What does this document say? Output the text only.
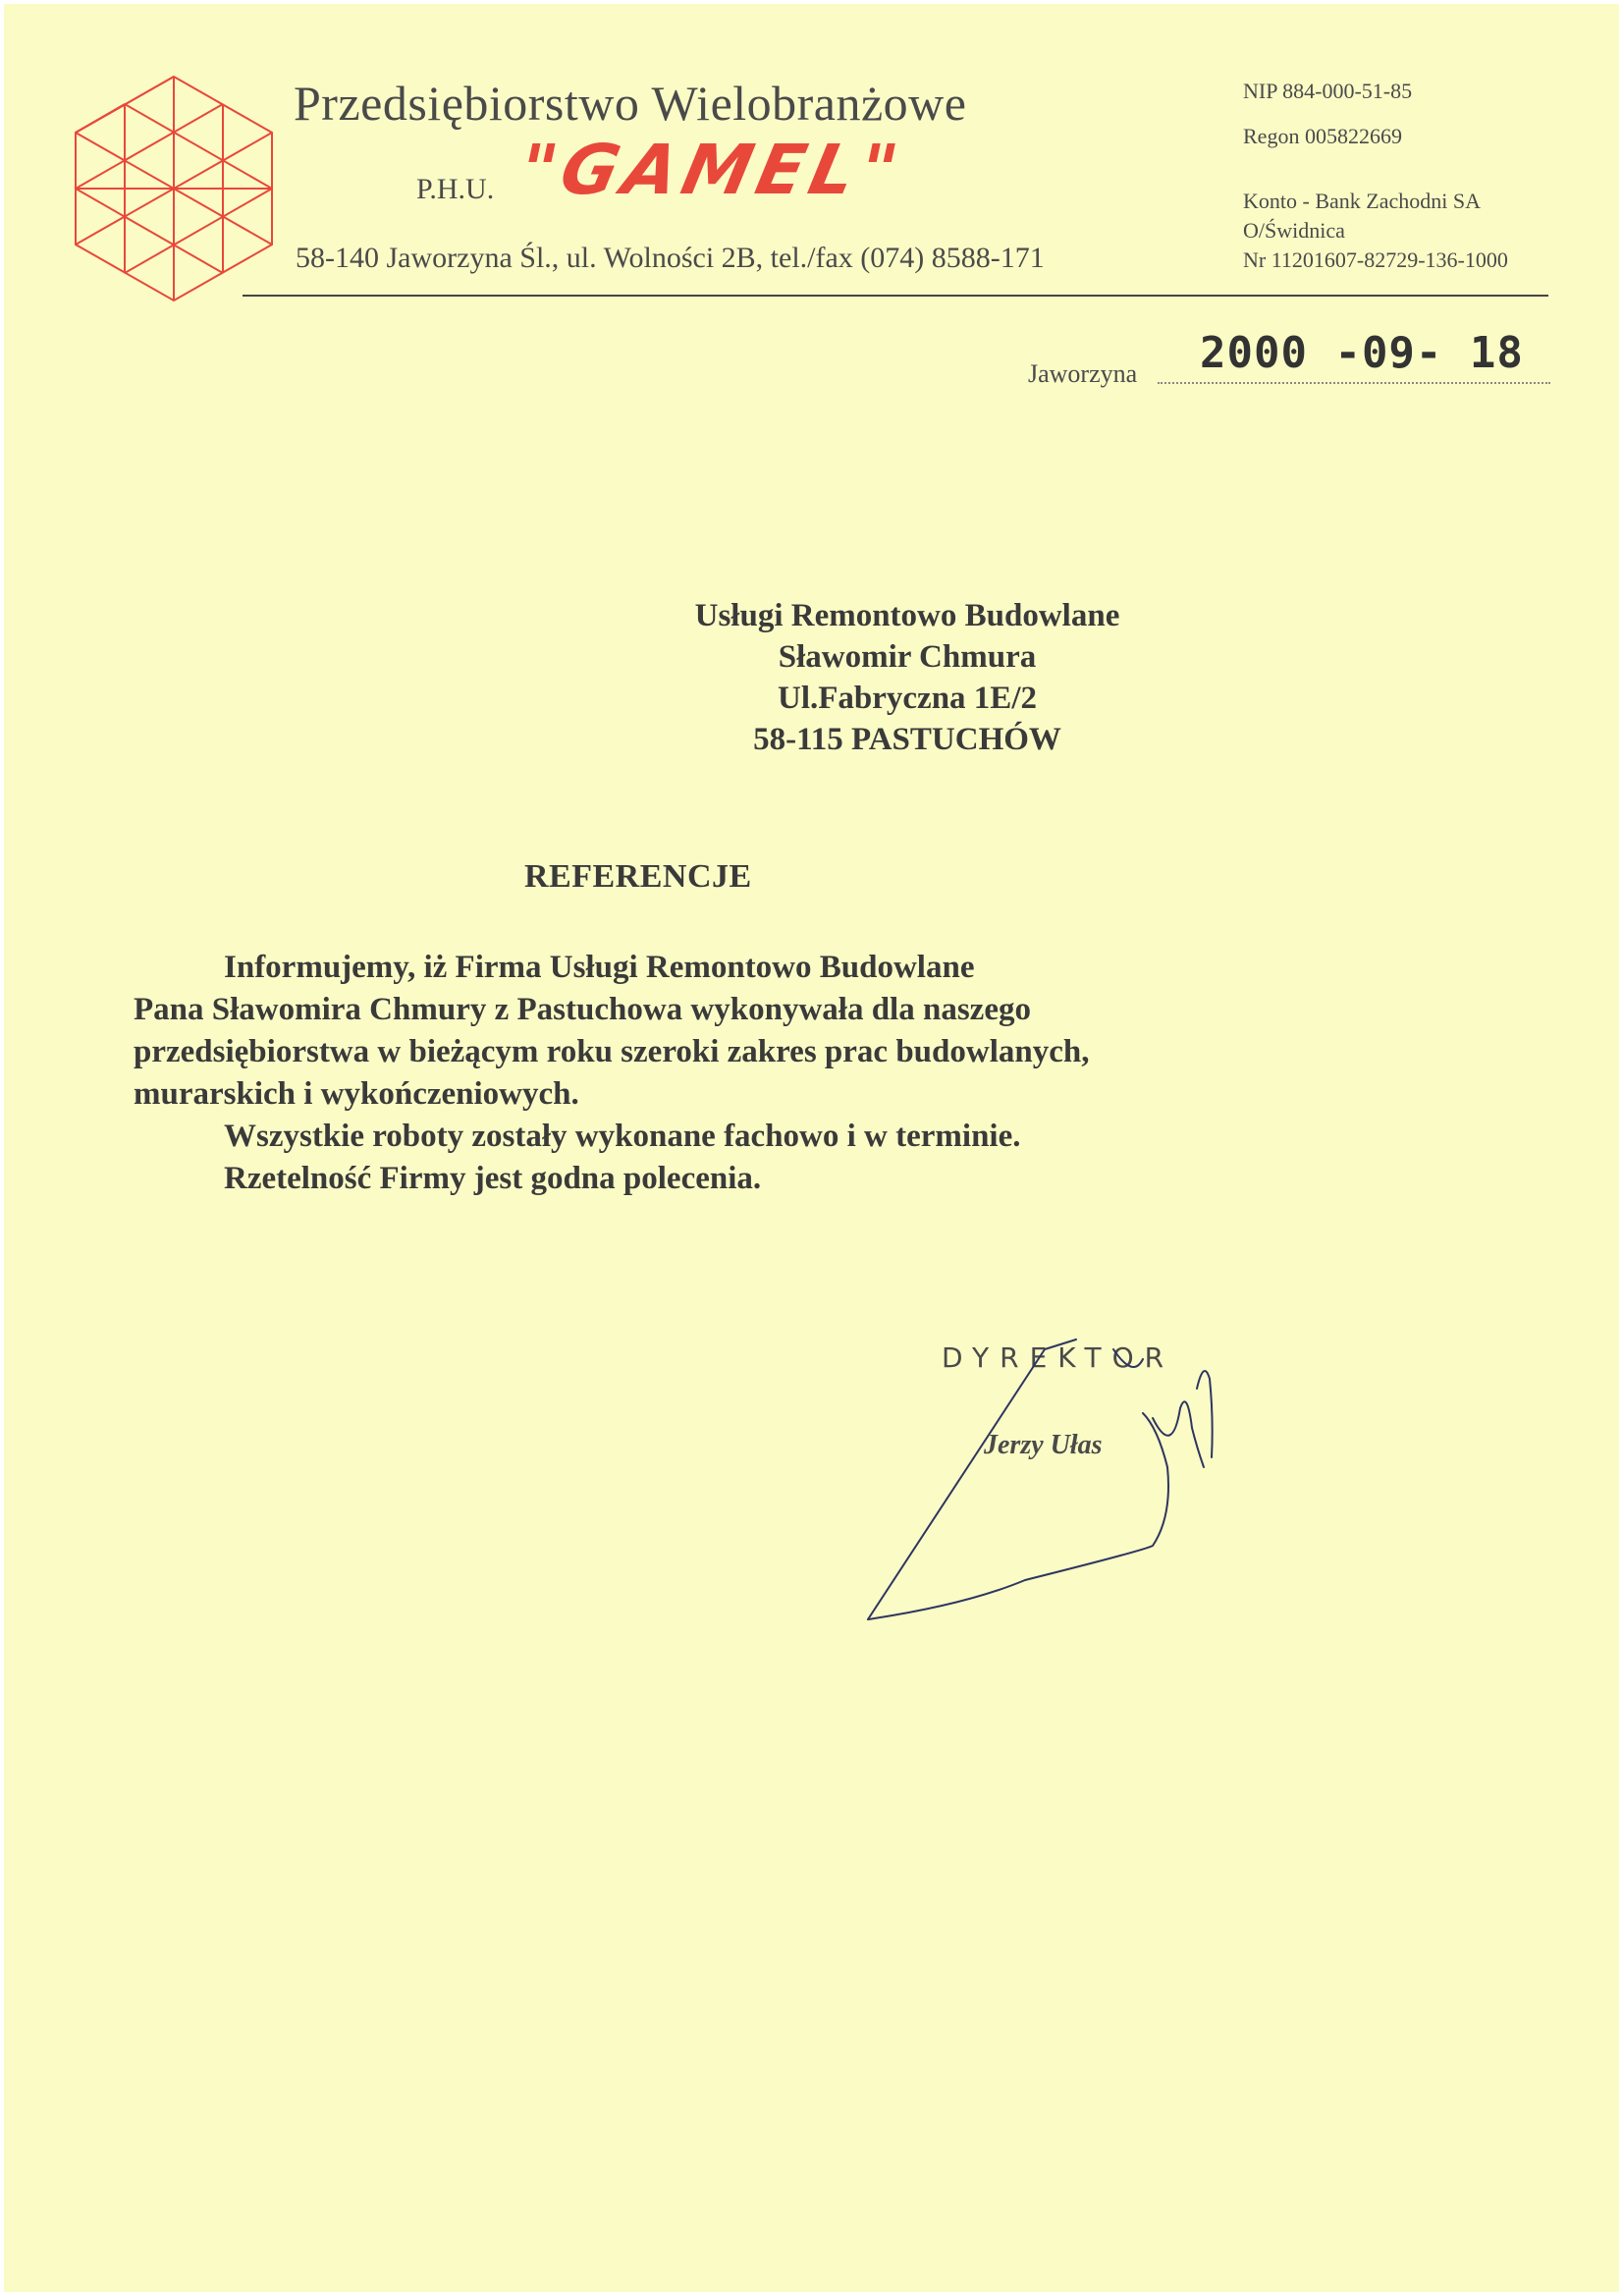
Przedsiębiorstwo Wielobranżowe
P.H.U. "GAMEL"
58-140 Jaworzyna Śl., ul. Wolności 2B, tel./fax (074) 8588-171
NIP 884-000-51-85
Regon 005822669
Konto - Bank Zachodni SA
O/Świdnica
Nr 11201607-82729-136-1000
Jaworzyna 2000 -09- 18
Usługi Remontowo Budowlane
Sławomir Chmura
Ul.Fabryczna 1E/2
58-115 PASTUCHÓW
REFERENCJE
Informujemy, iż Firma Usługi Remontowo Budowlane
Pana Sławomira Chmury z Pastuchowa wykonywała dla naszego
przedsiębiorstwa w bieżącym roku szeroki zakres prac budowlanych,
murarskich i wykończeniowych.
Wszystkie roboty zostały wykonane fachowo i w terminie.
Rzetelność Firmy jest godna polecenia.
DYREKTOR
Jerzy Ułas
